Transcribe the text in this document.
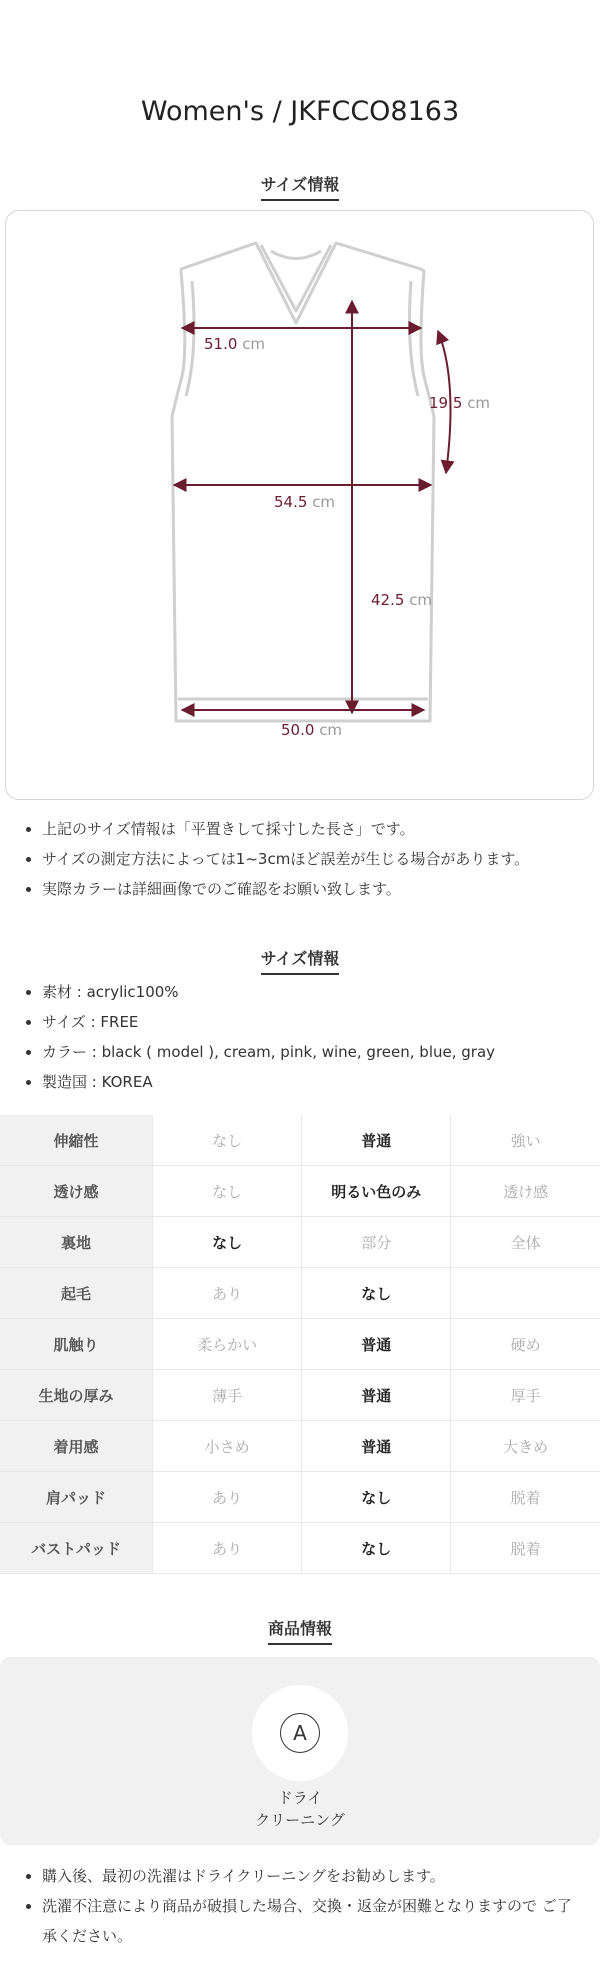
Women's / JKFCCO8163
サイズ情報
51.0 cm
19.5 cm
54.5 cm
42.5 cm
50.0 cm
• 上記のサイズ情報は「平置きして採寸した長さ」です。
• サイズの測定方法によっては1~3cmほど誤差が生じる場合があります。
• 実際カラーは詳細画像でのご確認をお願い致します。
サイズ情報
• 素材 : acrylic100%
• サイズ : FREE
• カラー : black ( model ), cream, pink, wine, green, blue, gray
• 製造国 : KOREA
伸縮性	なし	普通	強い
透け感	なし	明るい色のみ	透け感
裏地	なし	部分	全体
起毛	あり	なし	
肌触り	柔らかい	普通	硬め
生地の厚み	薄手	普通	厚手
着用感	小さめ	普通	大きめ
肩パッド	あり	なし	脱着
バストパッド	あり	なし	脱着
商品情報
A
ドライ
クリーニング
• 購入後、最初の洗濯はドライクリーニングをお勧めします。
• 洗濯不注意により商品が破損した場合、交換・返金が困難となりますので ご了承ください。
